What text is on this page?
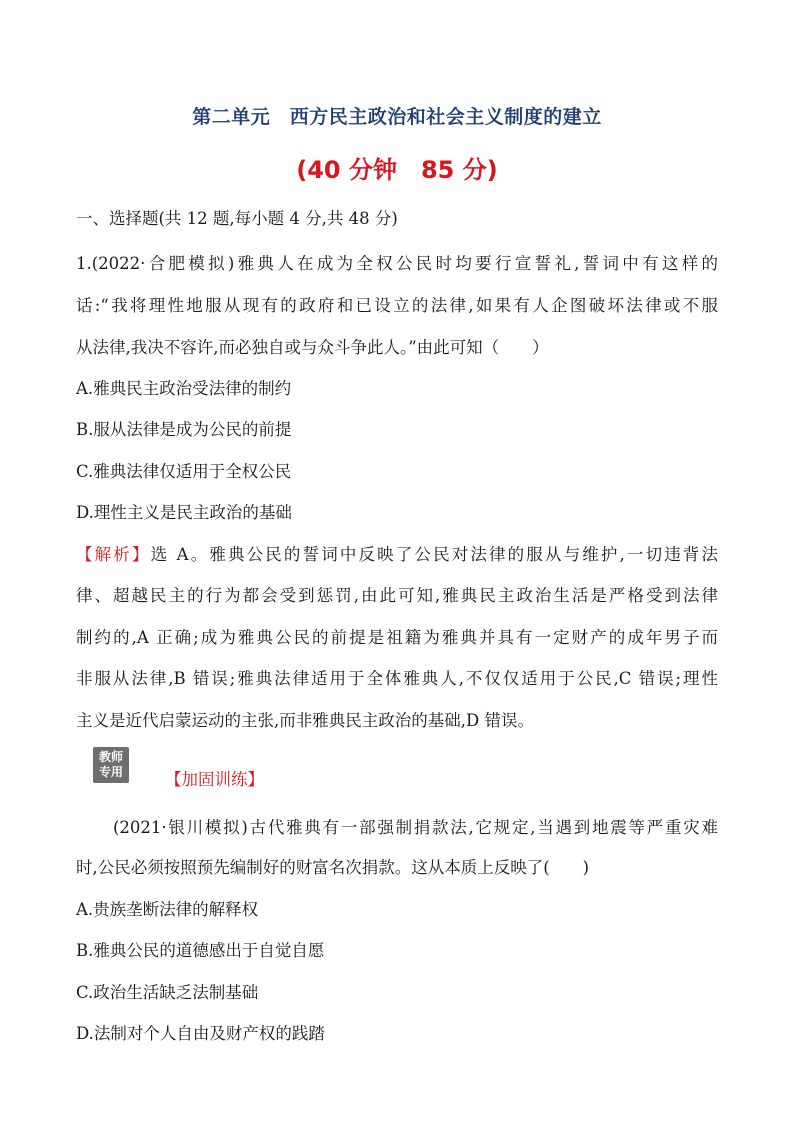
第二单元　西方民主政治和社会主义制度的建立
(40 分钟　85 分)
一、选择题(共 12 题,每小题 4 分,共 48 分)
1.(2022·合肥模拟)雅典人在成为全权公民时均要行宣誓礼,誓词中有这样的
话:“我将理性地服从现有的政府和已设立的法律,如果有人企图破坏法律或不服
从法律,我决不容许,而必独自或与众斗争此人。”由此可知（　　）
A.雅典民主政治受法律的制约
B.服从法律是成为公民的前提
C.雅典法律仅适用于全权公民
D.理性主义是民主政治的基础
【解析】选 A。雅典公民的誓词中反映了公民对法律的服从与维护,一切违背法
律、超越民主的行为都会受到惩罚,由此可知,雅典民主政治生活是严格受到法律
制约的,A 正确;成为雅典公民的前提是祖籍为雅典并具有一定财产的成年男子而
非服从法律,B 错误;雅典法律适用于全体雅典人,不仅仅适用于公民,C 错误;理性
主义是近代启蒙运动的主张,而非雅典民主政治的基础,D 错误。
教师
专用	【加固训练】
(2021·银川模拟)古代雅典有一部强制捐款法,它规定,当遇到地震等严重灾难
时,公民必须按照预先编制好的财富名次捐款。这从本质上反映了(　　)
A.贵族垄断法律的解释权
B.雅典公民的道德感出于自觉自愿
C.政治生活缺乏法制基础
D.法制对个人自由及财产权的践踏
